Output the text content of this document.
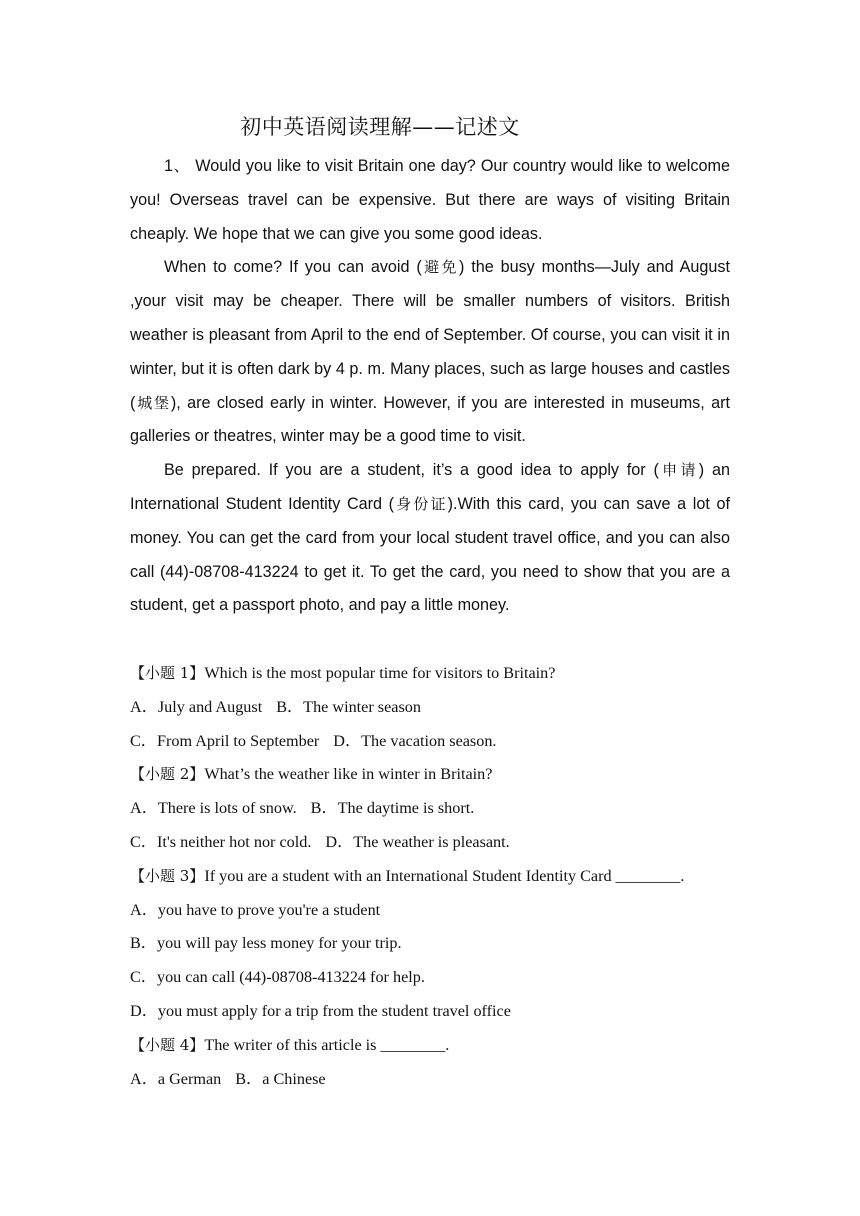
初中英语阅读理解——记述文

1、 Would you like to visit Britain one day? Our country would like to welcome you! Overseas travel can be expensive. But there are ways of visiting Britain cheaply. We hope that we can give you some good ideas.

When to come? If you can avoid (避免) the busy months—July and August ,your visit may be cheaper. There will be smaller numbers of visitors. British weather is pleasant from April to the end of September. Of course, you can visit it in winter, but it is often dark by 4 p. m. Many places, such as large houses and castles (城堡), are closed early in winter. However, if you are interested in museums, art galleries or theatres, winter may be a good time to visit.

Be prepared. If you are a student, it’s a good idea to apply for (申请) an International Student Identity Card (身份证).With this card, you can save a lot of money. You can get the card from your local student travel office, and you can also call (44)-08708-413224 to get it. To get the card, you need to show that you are a student, get a passport photo, and pay a little money.

【小题 1】Which is the most popular time for visitors to Britain?
A．July and August B．The winter season
C．From April to September D．The vacation season.
【小题 2】What’s the weather like in winter in Britain?
A．There is lots of snow. B．The daytime is short.
C．It's neither hot nor cold. D．The weather is pleasant.
【小题 3】If you are a student with an International Student Identity Card ________.
A．you have to prove you're a student
B．you will pay less money for your trip.
C．you can call (44)-08708-413224 for help.
D．you must apply for a trip from the student travel office
【小题 4】The writer of this article is ________.
A．a German B．a Chinese
